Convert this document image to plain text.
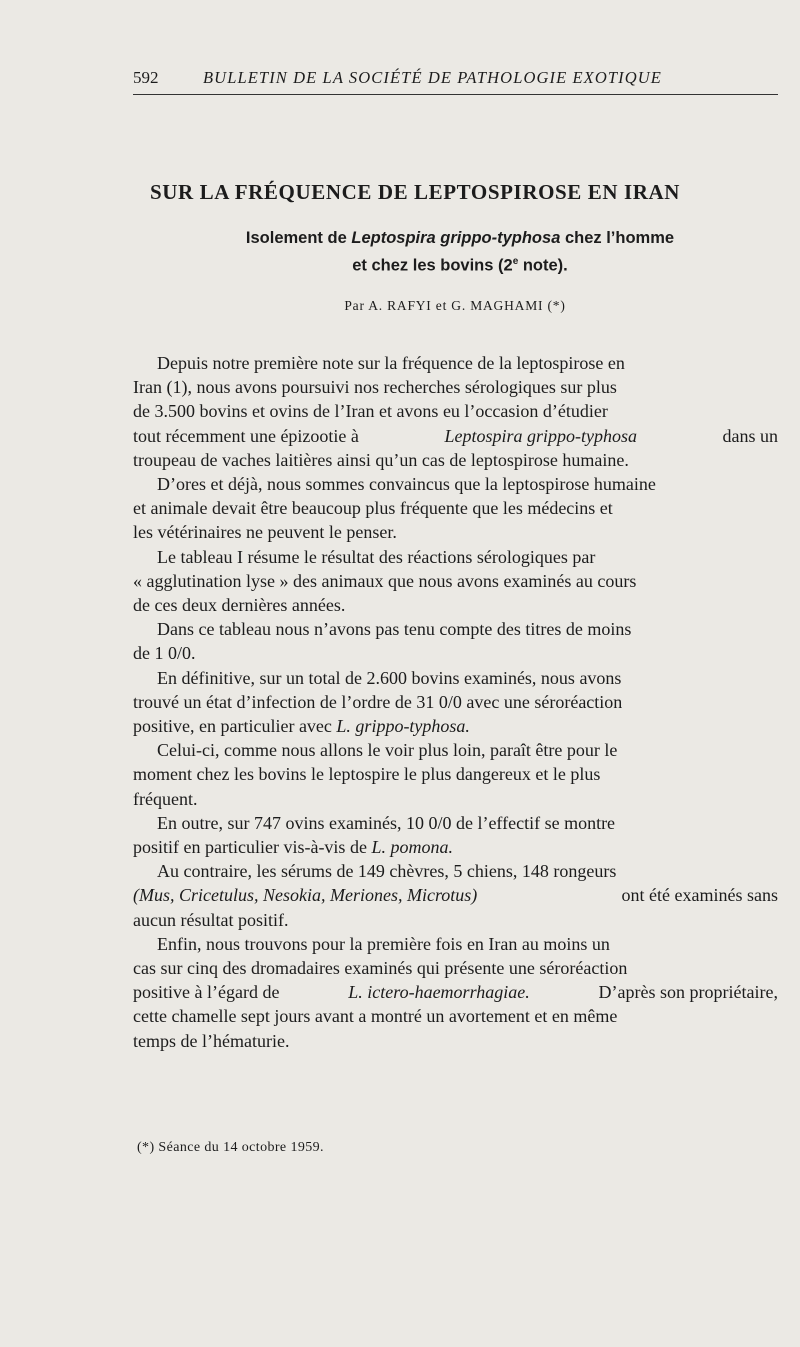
592	BULLETIN DE LA SOCIÉTÉ DE PATHOLOGIE EXOTIQUE
SUR LA FRÉQUENCE DE LEPTOSPIROSE EN IRAN
Isolement de Leptospira grippo-typhosa chez l’homme
et chez les bovins (2e note).
Par A. RAFYI et G. MAGHAMI (*)
Depuis notre première note sur la fréquence de la leptospirose en
Iran (1), nous avons poursuivi nos recherches sérologiques sur plus
de 3.500 bovins et ovins de l’Iran et avons eu l’occasion d’étudier
tout récemment une épizootie à	Leptospira grippo-typhosa	dans un
troupeau de vaches laitières ainsi qu’un cas de leptospirose humaine.
D’ores et déjà, nous sommes convaincus que la leptospirose humaine
et animale devait être beaucoup plus fréquente que les médecins et
les vétérinaires ne peuvent le penser.
Le tableau I résume le résultat des réactions sérologiques par
« agglutination lyse » des animaux que nous avons examinés au cours
de ces deux dernières années.
Dans ce tableau nous n’avons pas tenu compte des titres de moins
de 1 0/0.
En définitive, sur un total de 2.600 bovins examinés, nous avons
trouvé un état d’infection de l’ordre de 31 0/0 avec une séroréaction
positive, en particulier avec
L. grippo-typhosa.
Celui-ci, comme nous allons le voir plus loin, paraît être pour le
moment chez les bovins le leptospire le plus dangereux et le plus
fréquent.
En outre, sur 747 ovins examinés, 10 0/0 de l’effectif se montre
positif en particulier vis-à-vis de
L. pomona.
Au contraire, les sérums de 149 chèvres, 5 chiens, 148 rongeurs
(Mus, Cricetulus, Nesokia, Meriones, Microtus)	ont été examinés sans
aucun résultat positif.
Enfin, nous trouvons pour la première fois en Iran au moins un
cas sur cinq des dromadaires examinés qui présente une séroréaction
positive à l’égard de	L. ictero-haemorrhagiae.	D’après son propriétaire,
cette chamelle sept jours avant a montré un avortement et en même
temps de l’hématurie.
(*) Séance du 14 octobre 1959.
